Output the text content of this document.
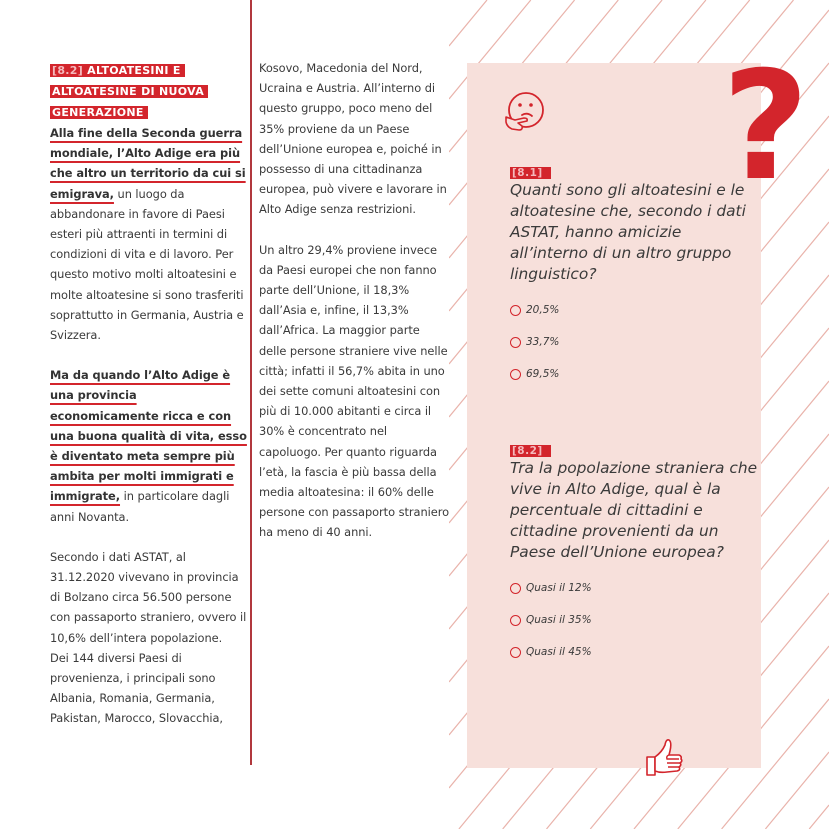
[8.2] ALTOATESINI E ALTOATESINE DI NUOVA GENERAZIONE

Alla fine della Seconda guerra mondiale, l’Alto Adige era più che altro un territorio da cui si emigrava, un luogo da abbandonare in favore di Paesi esteri più attraenti in termini di condizioni di vita e di lavoro. Per questo motivo molti altoatesini e molte altoatesine si sono trasferiti soprattutto in Germania, Austria e Svizzera.

Ma da quando l’Alto Adige è una provincia economicamente ricca e con una buona qualità di vita, esso è diventato meta sempre più ambita per molti immigrati e immigrate, in particolare dagli anni Novanta.

Secondo i dati ASTAT, al 31.12.2020 vivevano in provincia di Bolzano circa 56.500 persone con passaporto straniero, ovvero il 10,6% dell’intera popolazione.

Dei 144 diversi Paesi di provenienza, i principali sono Albania, Romania, Germania, Pakistan, Marocco, Slovacchia,

Kosovo, Macedonia del Nord, Ucraina e Austria. All’interno di questo gruppo, poco meno del 35% proviene da un Paese dell’Unione europea e, poiché in possesso di una cittadinanza europea, può vivere e lavorare in Alto Adige senza restrizioni.

Un altro 29,4% proviene invece da Paesi europei che non fanno parte dell’Unione, il 18,3% dall’Asia e, infine, il 13,3% dall’Africa. La maggior parte delle persone straniere vive nelle città; infatti il 56,7% abita in uno dei sette comuni altoatesini con più di 10.000 abitanti e circa il 30% è concentrato nel capoluogo. Per quanto riguarda l’età, la fascia è più bassa della media altoatesina: il 60% delle persone con passaporto straniero ha meno di 40 anni.

?
[8.1]
Quanti sono gli altoatesini e le altoatesine che, secondo i dati ASTAT, hanno amicizie all’interno di un altro gruppo linguistico?
20,5%
33,7%
69,5%
[8.2]
Tra la popolazione straniera che vive in Alto Adige, qual è la percentuale di cittadini e cittadine provenienti da un Paese dell’Unione europea?
Quasi il 12%
Quasi il 35%
Quasi il 45%
